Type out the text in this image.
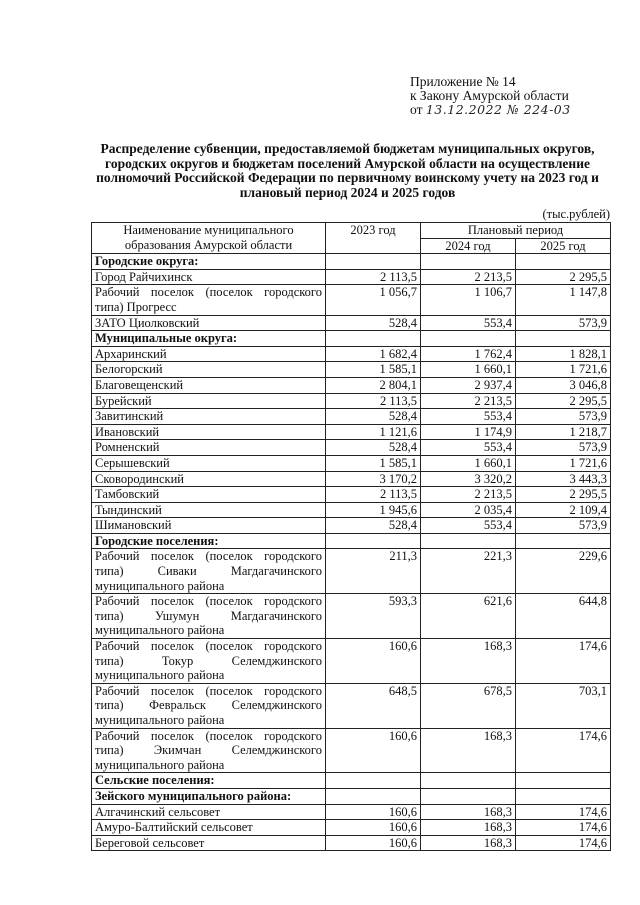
Приложение № 14
к Закону Амурской области
от 13.12.2022 № 224-03
Распределение субвенции, предоставляемой бюджетам муниципальных округов, городских округов и бюджетам поселений Амурской области на осуществление полномочий Российской Федерации по первичному воинскому учету на 2023 год и плановый период 2024 и 2025 годов
(тыс.рублей)
Наименование муниципального образования Амурской области	2023 год	Плановый период	
		2024 год	2025 год
Городские округа:			
Город Райчихинск	2 113,5	2 213,5	2 295,5
Рабочий поселок (поселок городского типа) Прогресс	1 056,7	1 106,7	1 147,8
ЗАТО Циолковский	528,4	553,4	573,9
Муниципальные округа:			
Архаринский	1 682,4	1 762,4	1 828,1
Белогорский	1 585,1	1 660,1	1 721,6
Благовещенский	2 804,1	2 937,4	3 046,8
Бурейский	2 113,5	2 213,5	2 295,5
Завитинский	528,4	553,4	573,9
Ивановский	1 121,6	1 174,9	1 218,7
Ромненский	528,4	553,4	573,9
Серышевский	1 585,1	1 660,1	1 721,6
Сковородинский	3 170,2	3 320,2	3 443,3
Тамбовский	2 113,5	2 213,5	2 295,5
Тындинский	1 945,6	2 035,4	2 109,4
Шимановский	528,4	553,4	573,9
Городские поселения:			
Рабочий поселок (поселок городского типа) Сиваки Магдагачинского муниципального района	211,3	221,3	229,6
Рабочий поселок (поселок городского типа) Ушумун Магдагачинского муниципального района	593,3	621,6	644,8
Рабочий поселок (поселок городского типа) Токур Селемджинского муниципального района	160,6	168,3	174,6
Рабочий поселок (поселок городского типа) Февральск Селемджинского муниципального района	648,5	678,5	703,1
Рабочий поселок (поселок городского типа) Экимчан Селемджинского муниципального района	160,6	168,3	174,6
Сельские поселения:			
Зейского муниципального района:			
Алгачинский сельсовет	160,6	168,3	174,6
Амуро-Балтийский сельсовет	160,6	168,3	174,6
Береговой сельсовет	160,6	168,3	174,6
